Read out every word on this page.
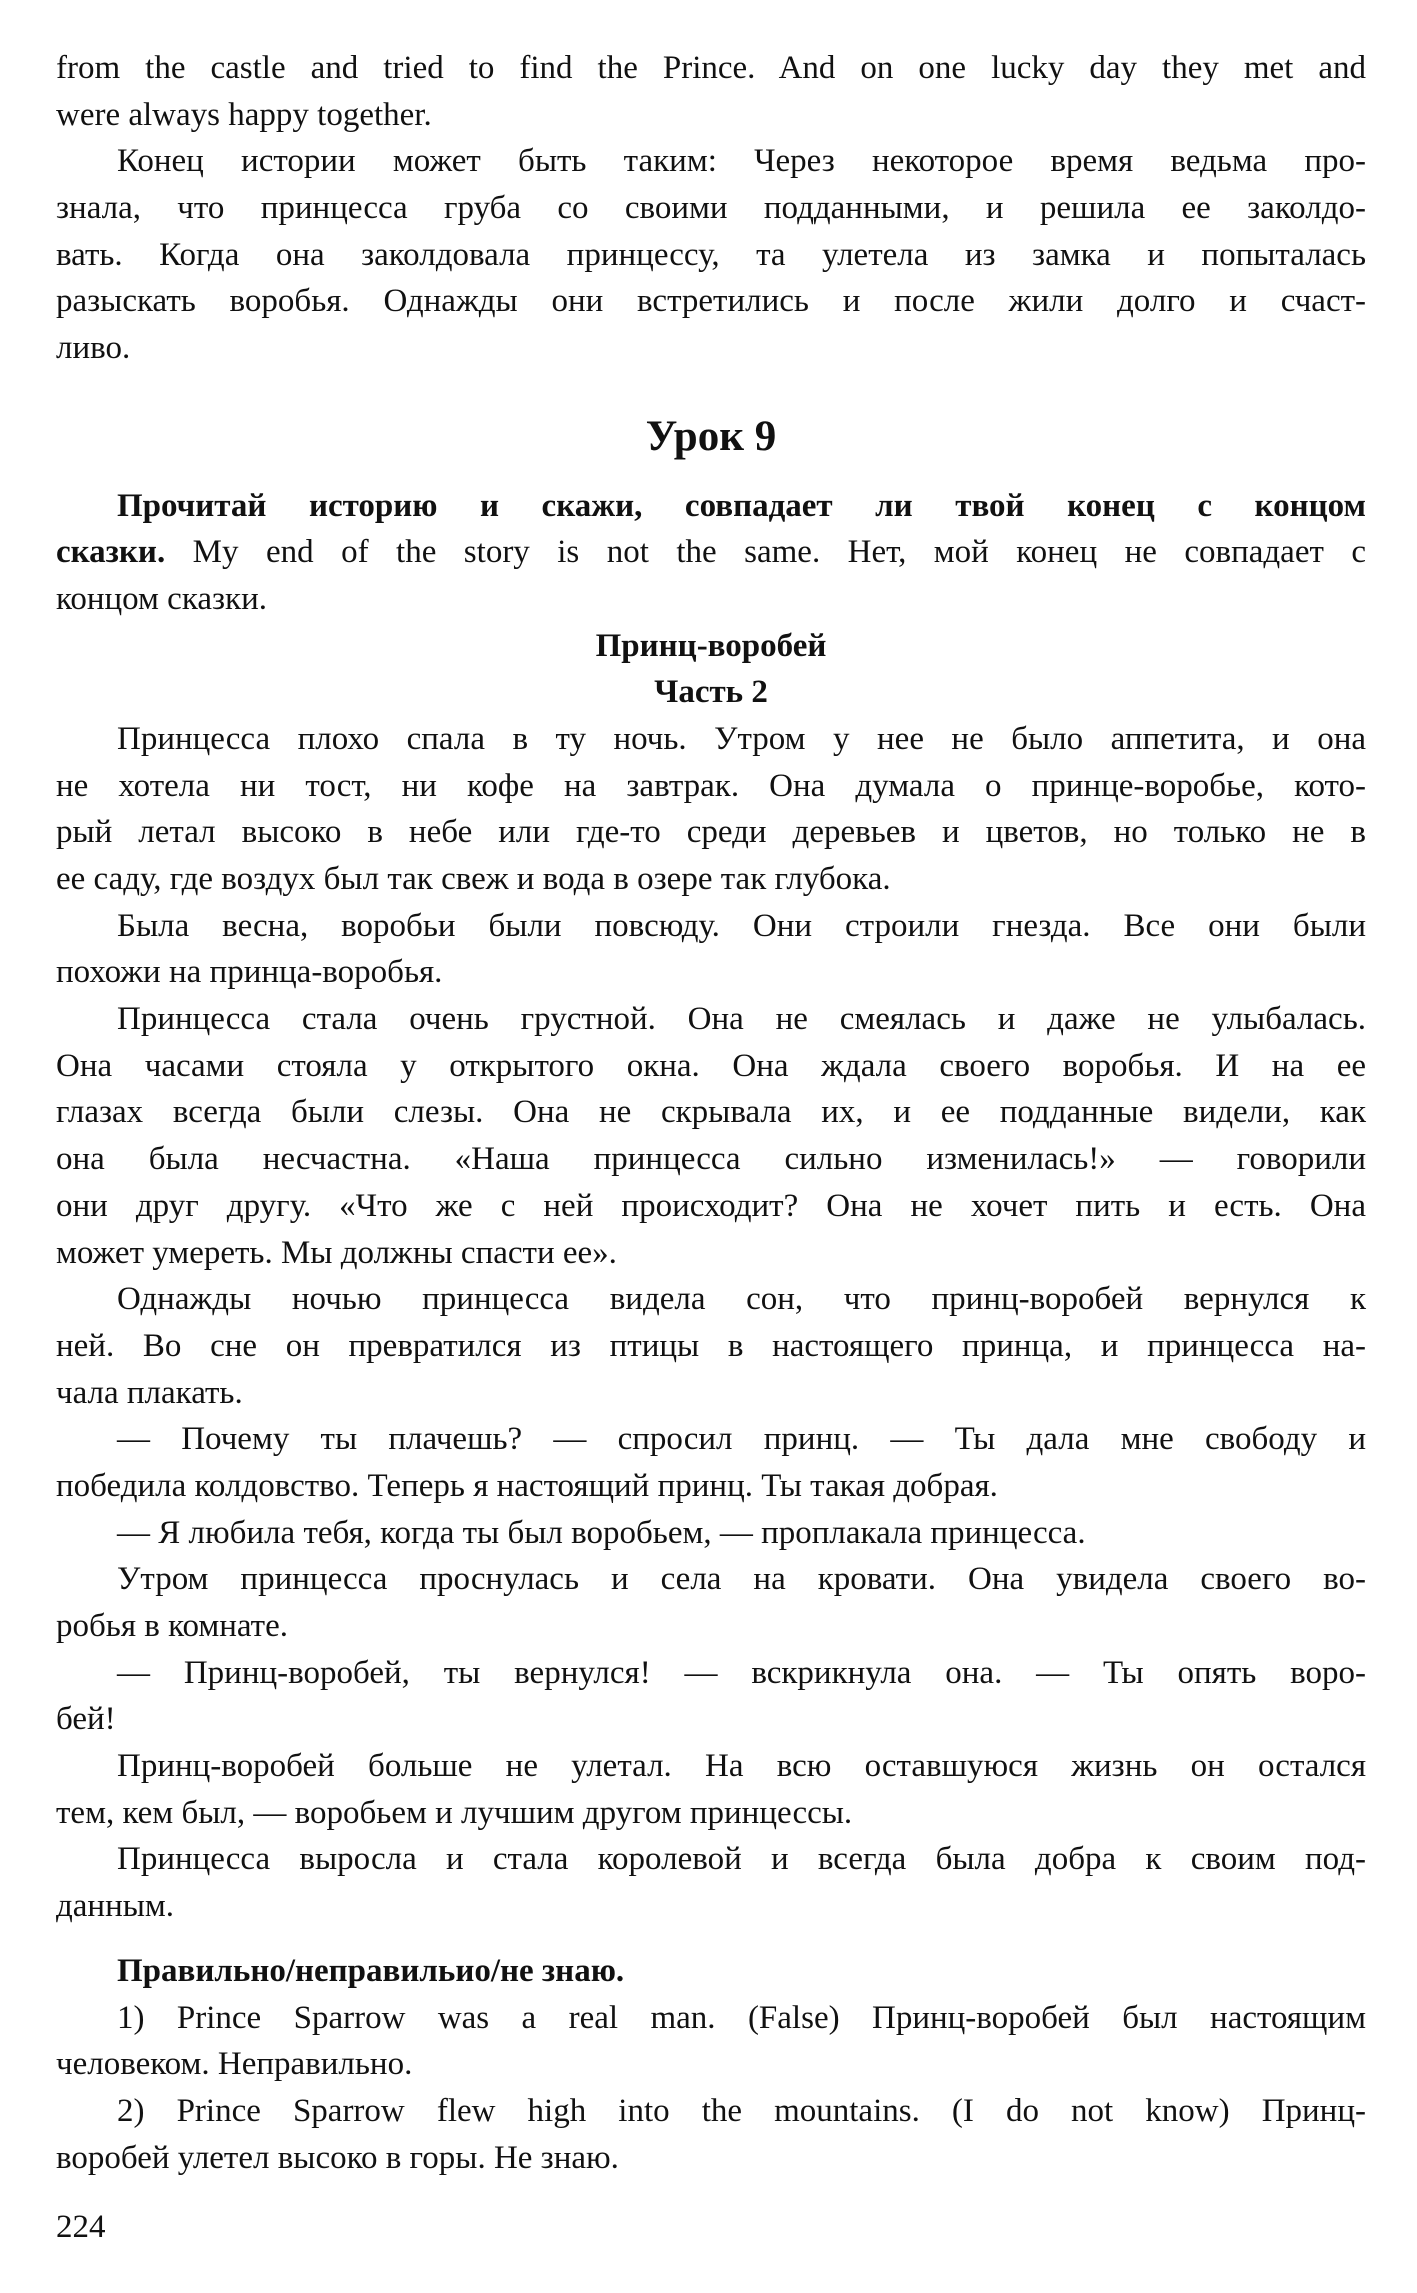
from the castle and tried to find the Prince. And on one lucky day they met and
were always happy together.
Конец истории может быть таким: Через некоторое время ведьма про-
знала, что принцесса груба со своими подданными, и решила ее заколдо-
вать. Когда она заколдовала принцессу, та улетела из замка и попыталась
разыскать воробья. Однажды они встретились и после жили долго и счаст-
ливо.
Урок 9
Прочитай историю и скажи, совпадает ли твой конец с концом
сказки. My end of the story is not the same. Нет, мой конец не совпадает с
концом сказки.
Принц-воробей
Часть 2
Принцесса плохо спала в ту ночь. Утром у нее не было аппетита, и она
не хотела ни тост, ни кофе на завтрак. Она думала о принце-воробье, кото-
рый летал высоко в небе или где-то среди деревьев и цветов, но только не в
ее саду, где воздух был так свеж и вода в озере так глубока.
Была весна, воробьи были повсюду. Они строили гнезда. Все они были
похожи на принца-воробья.
Принцесса стала очень грустной. Она не смеялась и даже не улыбалась.
Она часами стояла у открытого окна. Она ждала своего воробья. И на ее
глазах всегда были слезы. Она не скрывала их, и ее подданные видели, как
она была несчастна. «Наша принцесса сильно изменилась!» — говорили
они друг другу. «Что же с ней происходит? Она не хочет пить и есть. Она
может умереть. Мы должны спасти ее».
Однажды ночью принцесса видела сон, что принц-воробей вернулся к
ней. Во сне он превратился из птицы в настоящего принца, и принцесса на-
чала плакать.
— Почему ты плачешь? — спросил принц. — Ты дала мне свободу и
победила колдовство. Теперь я настоящий принц. Ты такая добрая.
— Я любила тебя, когда ты был воробьем, — проплакала принцесса.
Утром принцесса проснулась и села на кровати. Она увидела своего во-
робья в комнате.
— Принц-воробей, ты вернулся! — вскрикнула она. — Ты опять воро-
бей!
Принц-воробей больше не улетал. На всю оставшуюся жизнь он остался
тем, кем был, — воробьем и лучшим другом принцессы.
Принцесса выросла и стала королевой и всегда была добра к своим под-
данным.
Правильно/неправильио/не знаю.
1) Prince Sparrow was a real man. (False) Принц-воробей был настоящим
человеком. Неправильно.
2) Prince Sparrow flew high into the mountains. (I do not know) Принц-
воробей улетел высоко в горы. Не знаю.
224
